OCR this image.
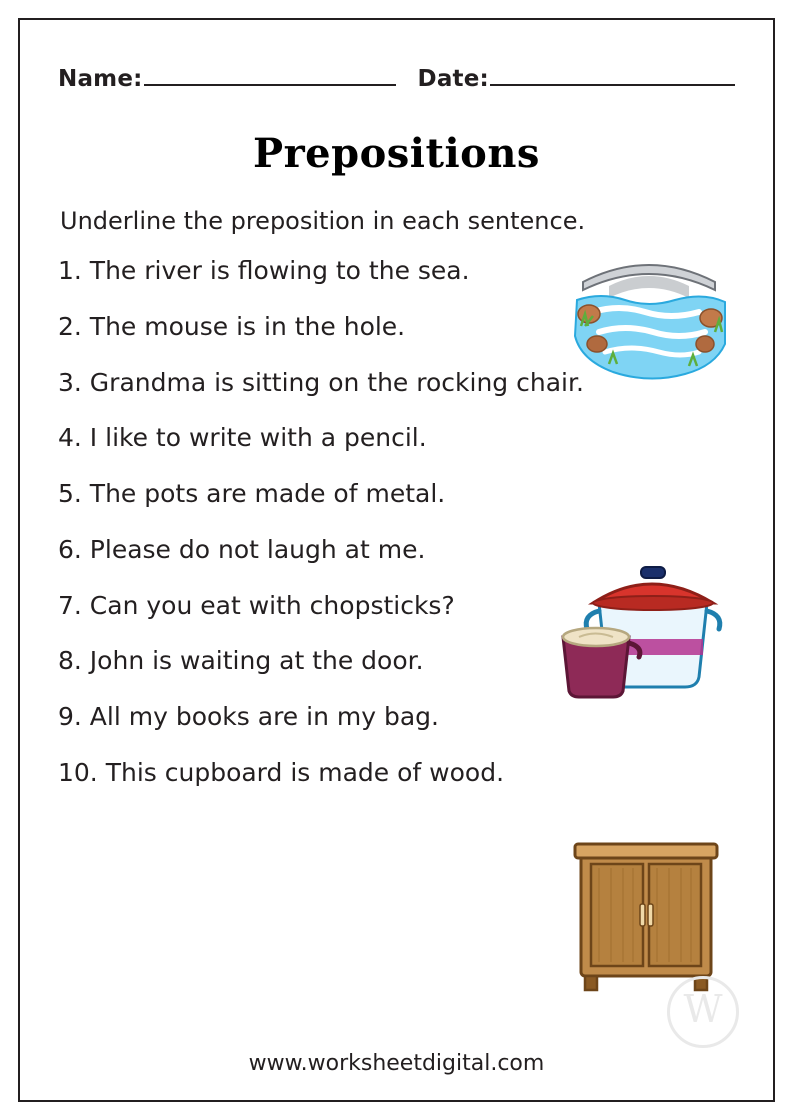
Name:	Date:
Prepositions
Underline the preposition in each sentence.
1. The river is flowing to the sea.
2. The mouse is in the hole.
3. Grandma is sitting on the rocking chair.
4. I like to write with a pencil.
5. The pots are made of metal.
6. Please do not laugh at me.
7. Can you eat with chopsticks?
8. John is waiting at the door.
9. All my books are in my bag.
10. This cupboard is made of wood.
W
www.worksheetdigital.com
